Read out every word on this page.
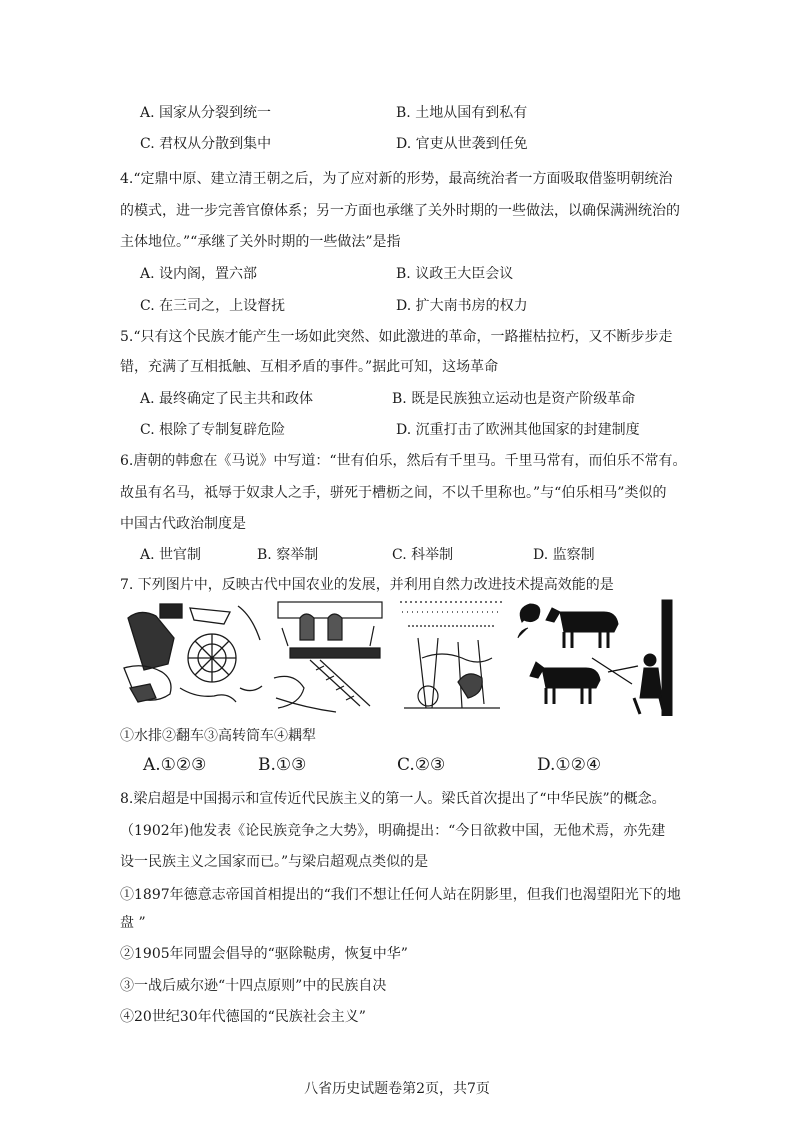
A. 国家从分裂到统一	B. 土地从国有到私有
C. 君权从分散到集中	D. 官吏从世袭到任免
4.“定鼎中原、建立清王朝之后，为了应对新的形势，最高统治者一方面吸取借鉴明朝统治
的模式，进一步完善官僚体系；另一方面也承继了关外时期的一些做法，以确保满洲统治的
主体地位。”“承继了关外时期的一些做法”是指
A. 设内阁，置六部	B. 议政王大臣会议
C. 在三司之，上设督抚	D. 扩大南书房的权力
5.“只有这个民族才能产生一场如此突然、如此激进的革命，一路摧枯拉朽，又不断步步走
错，充满了互相抵触、互相矛盾的事件。”据此可知，这场革命
A. 最终确定了民主共和政体	B. 既是民族独立运动也是资产阶级革命
C. 根除了专制复辟危险	D. 沉重打击了欧洲其他国家的封建制度
6.唐朝的韩愈在《马说》中写道：“世有伯乐，然后有千里马。千里马常有，而伯乐不常有。
故虽有名马，祗辱于奴隶人之手，骈死于槽枥之间，不以千里称也。”与“伯乐相马”类似的
中国古代政治制度是
A. 世官制	B. 察举制	C. 科举制	D. 监察制
7. 下列图片中，反映古代中国农业的发展，并利用自然力改进技术提高效能的是
①水排②翻车③高转筒车④耦犁
A.①②③	B.①③	C.②③	D.①②④
8.梁启超是中国揭示和宣传近代民族主义的第一人。梁氏首次提出了“中华民族”的概念。
（1902年)他发表《论民族竞争之大势》，明确提出：“今日欲救中国，无他术焉，亦先建
设一民族主义之国家而已。”与梁启超观点类似的是
①1897年德意志帝国首相提出的“我们不想让任何人站在阴影里，但我们也渴望阳光下的地
盘 ”
②1905年同盟会倡导的“驱除鞑虏，恢复中华”
③一战后威尔逊“十四点原则”中的民族自决
④20世纪30年代德国的“民族社会主义”
八省历史试题卷第2页，共7页
